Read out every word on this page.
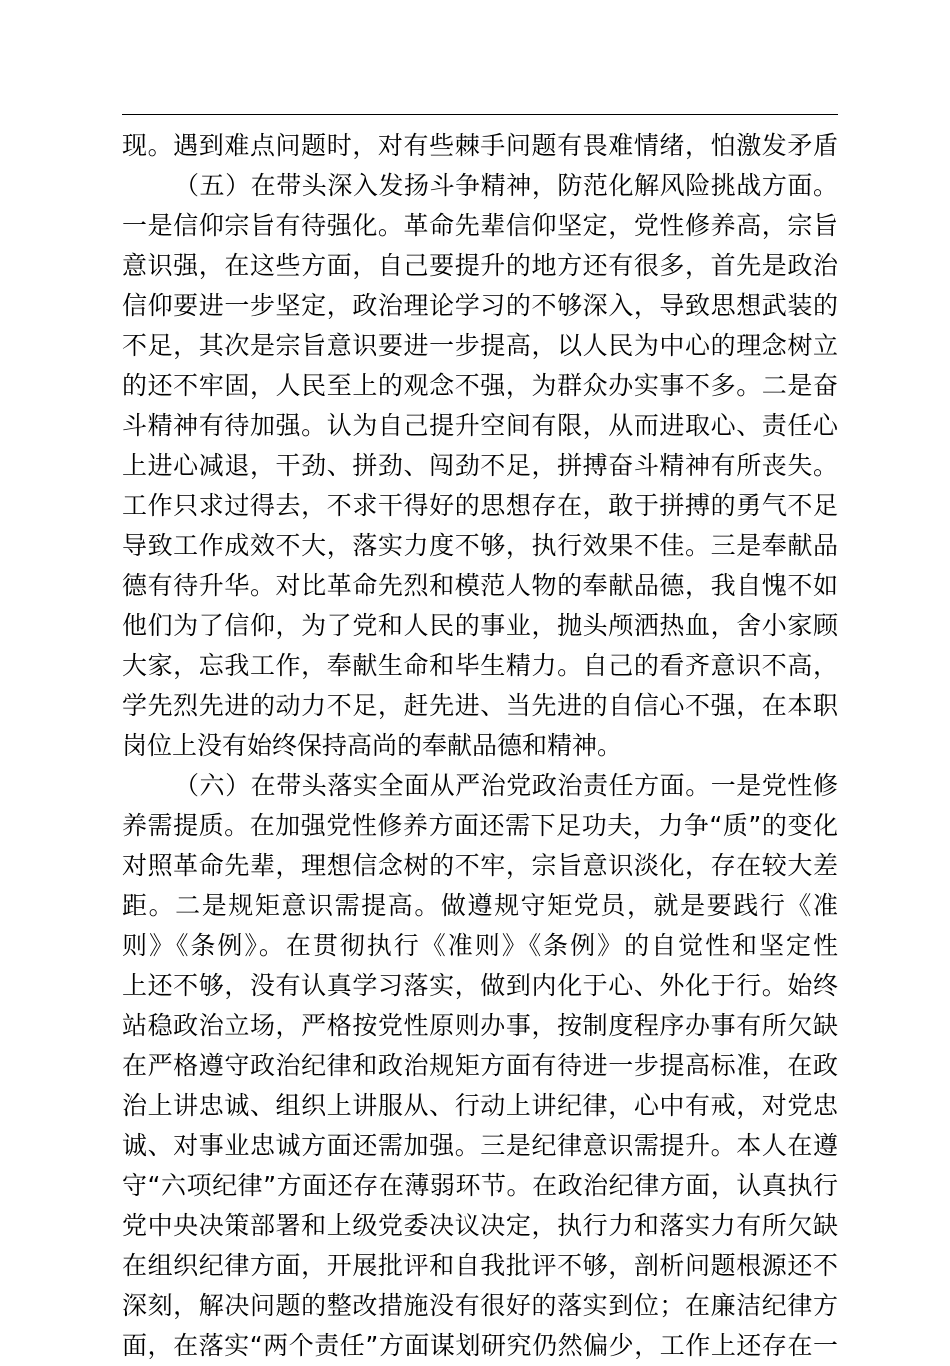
现。遇到难点问题时，对有些棘手问题有畏难情绪，怕激发矛盾
（五）在带头深入发扬斗争精神，防范化解风险挑战方面。
一是信仰宗旨有待强化。革命先辈信仰坚定，党性修养高，宗旨
意识强，在这些方面，自己要提升的地方还有很多，首先是政治
信仰要进一步坚定，政治理论学习的不够深入，导致思想武装的
不足，其次是宗旨意识要进一步提高，以人民为中心的理念树立
的还不牢固，人民至上的观念不强，为群众办实事不多。二是奋
斗精神有待加强。认为自己提升空间有限，从而进取心、责任心
上进心减退，干劲、拼劲、闯劲不足，拼搏奋斗精神有所丧失。
工作只求过得去，不求干得好的思想存在，敢于拼搏的勇气不足
导致工作成效不大，落实力度不够，执行效果不佳。三是奉献品
德有待升华。对比革命先烈和模范人物的奉献品德，我自愧不如
他们为了信仰，为了党和人民的事业，抛头颅洒热血，舍小家顾
大家，忘我工作，奉献生命和毕生精力。自己的看齐意识不高，
学先烈先进的动力不足，赶先进、当先进的自信心不强，在本职
岗位上没有始终保持高尚的奉献品德和精神。
（六）在带头落实全面从严治党政治责任方面。一是党性修
养需提质。在加强党性修养方面还需下足功夫，力争“质”的变化
对照革命先辈，理想信念树的不牢，宗旨意识淡化，存在较大差
距。二是规矩意识需提高。做遵规守矩党员，就是要践行《准
则》《条例》。在贯彻执行《准则》《条例》的自觉性和坚定性
上还不够，没有认真学习落实，做到内化于心、外化于行。始终
站稳政治立场，严格按党性原则办事，按制度程序办事有所欠缺
在严格遵守政治纪律和政治规矩方面有待进一步提高标准，在政
治上讲忠诚、组织上讲服从、行动上讲纪律，心中有戒，对党忠
诚、对事业忠诚方面还需加强。三是纪律意识需提升。本人在遵
守“六项纪律”方面还存在薄弱环节。在政治纪律方面，认真执行
党中央决策部署和上级党委决议决定，执行力和落实力有所欠缺
在组织纪律方面，开展批评和自我批评不够，剖析问题根源还不
深刻，解决问题的整改措施没有很好的落实到位；在廉洁纪律方
面，在落实“两个责任”方面谋划研究仍然偏少，工作上还存在一
